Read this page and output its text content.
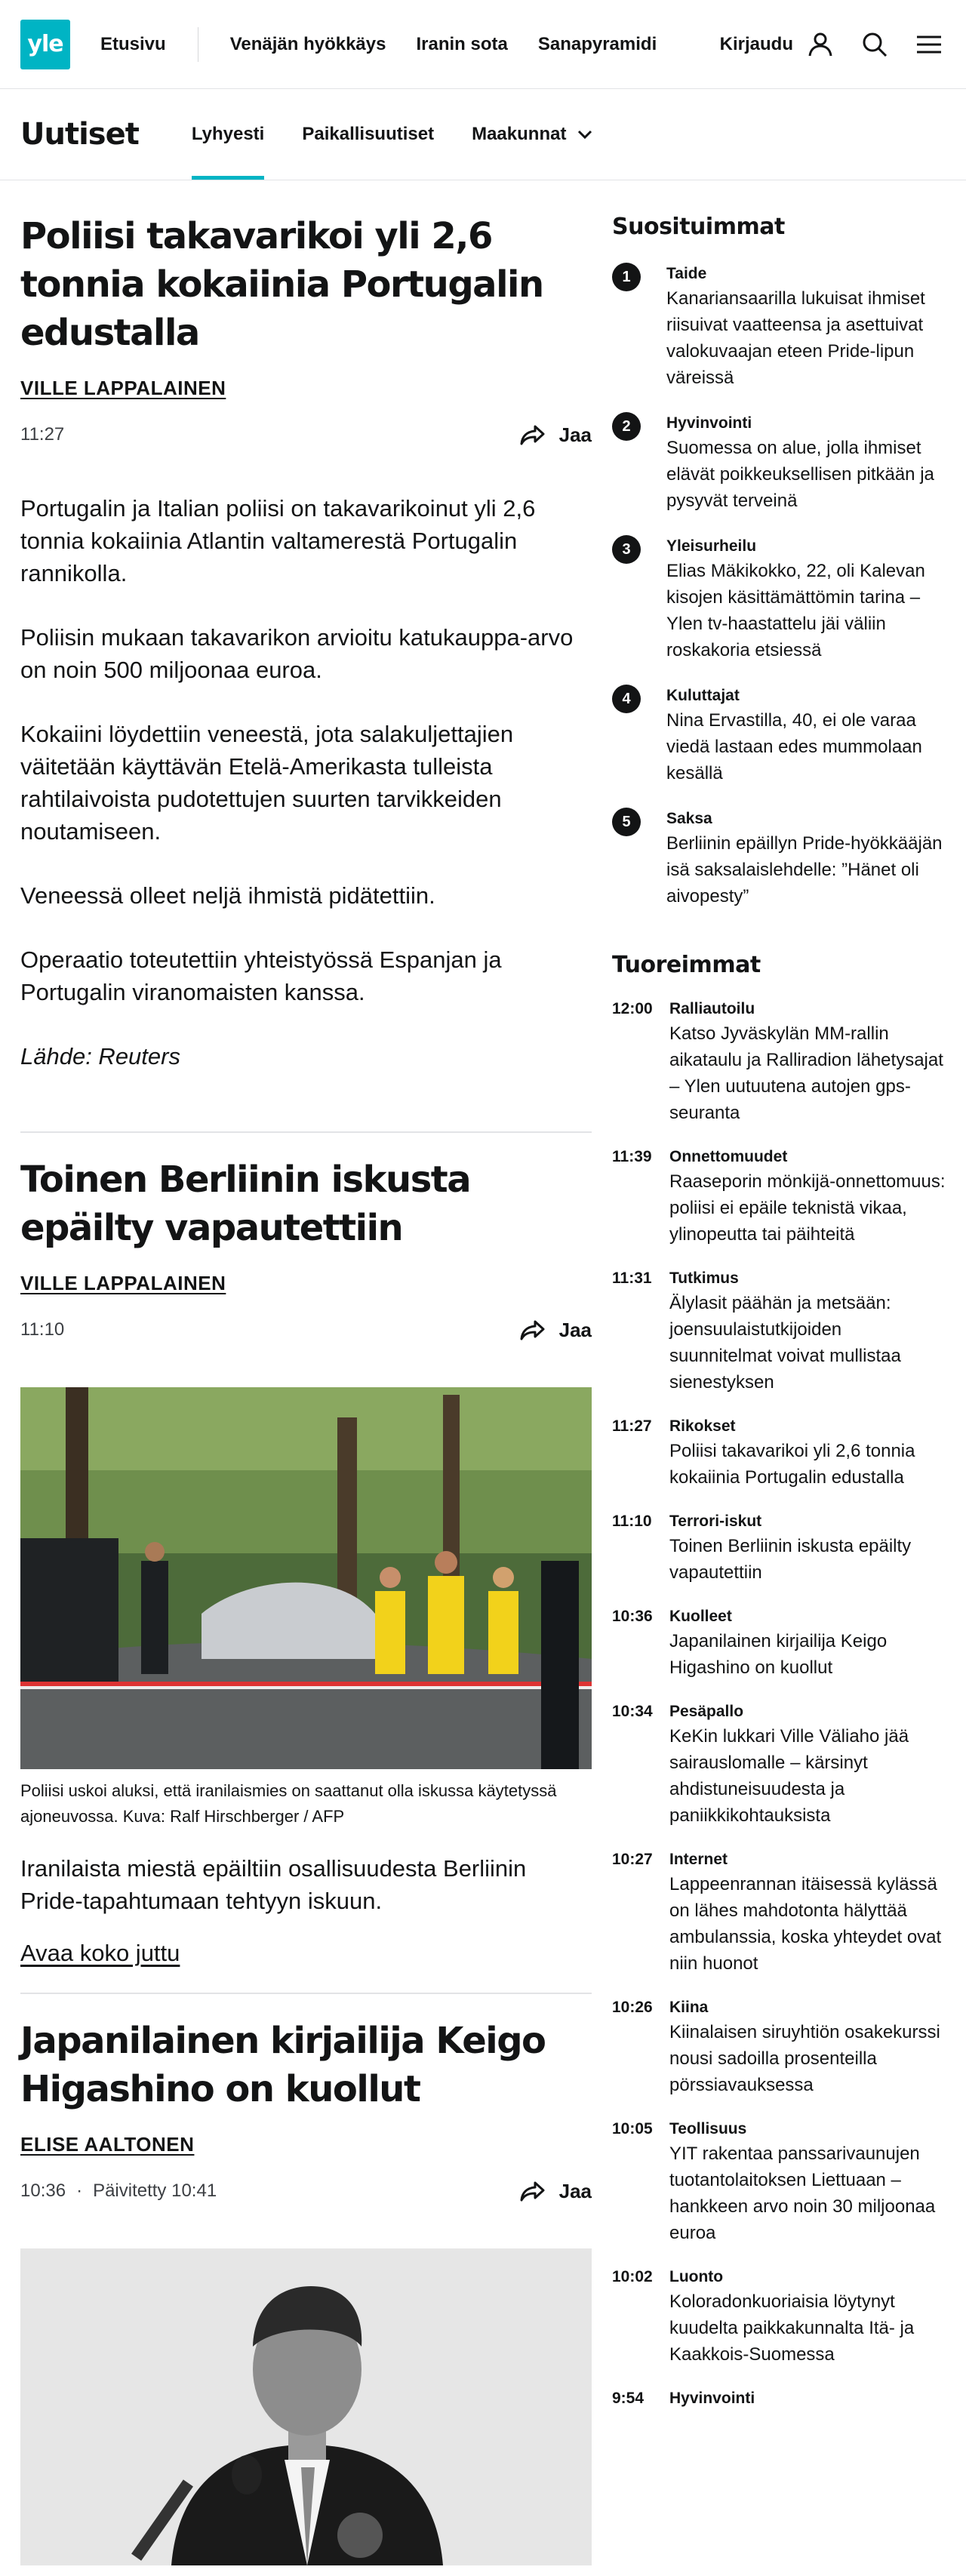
yle	Etusivu	Venäjän hyökkäys Iranin sota Sanapyramidi	Kirjaudu
Uutiset	Lyhyesti Paikallisuutiset Maakunnat
Poliisi takavarikoi yli 2,6 tonnia kokaiinia Portugalin edustalla
VILLE LAPPALAINEN
11:27	Jaa

Portugalin ja Italian poliisi on takavarikoinut yli 2,6 tonnia kokaiinia Atlantin valtamerestä Portugalin rannikolla.

Poliisin mukaan takavarikon arvioitu katukauppa-arvo on noin 500 miljoonaa euroa.

Kokaiini löydettiin veneestä, jota salakuljettajien väitetään käyttävän Etelä-Amerikasta tulleista rahtilaivoista pudotettujen suurten tarvikkeiden noutamiseen.

Veneessä olleet neljä ihmistä pidätettiin.

Operaatio toteutettiin yhteistyössä Espanjan ja Portugalin viranomaisten kanssa.

Lähde: Reuters

Toinen Berliinin iskusta epäilty vapautettiin
VILLE LAPPALAINEN
11:10	Jaa

Poliisi uskoi aluksi, että iranilaismies on saattanut olla iskussa käytetyssä ajoneuvossa. Kuva: Ralf Hirschberger / AFP

Iranilaista miestä epäiltiin osallisuudesta Berliinin Pride-tapahtumaan tehtyyn iskuun.

Avaa koko juttu
Japanilainen kirjailija Keigo Higashino on kuollut
ELISE AALTONEN
10:36 · Päivitetty 10:41	Jaa
Suosituimmat
1	Taide
Kanariansaarilla lukuisat ihmiset riisuivat vaatteensa ja asettuivat valokuvaajan eteen Pride-lipun väreissä
2	Hyvinvointi
Suomessa on alue, jolla ihmiset elävät poikkeuksellisen pitkään ja pysyvät terveinä
3	Yleisurheilu
Elias Mäkikokko, 22, oli Kalevan kisojen käsittämättömin tarina – Ylen tv-haastattelu jäi väliin roskakoria etsiessä
4	Kuluttajat
Nina Ervastilla, 40, ei ole varaa viedä lastaan edes mummolaan kesällä
5	Saksa
Berliinin epäillyn Pride-hyökkääjän isä saksalaislehdelle: ”Hänet oli aivopesty”
Tuoreimmat
12:00	Ralliautoilu
Katso Jyväskylän MM-rallin aikataulu ja Ralliradion lähetysajat – Ylen uutuutena autojen gps-seuranta
11:39	Onnettomuudet
Raaseporin mönkijä-onnettomuus: poliisi ei epäile teknistä vikaa, ylinopeutta tai päihteitä
11:31	Tutkimus
Älylasit päähän ja metsään: joensuulaistutkijoiden suunnitelmat voivat mullistaa sienestyksen
11:27	Rikokset
Poliisi takavarikoi yli 2,6 tonnia kokaiinia Portugalin edustalla
11:10	Terrori-iskut
Toinen Berliinin iskusta epäilty vapautettiin
10:36	Kuolleet
Japanilainen kirjailija Keigo Higashino on kuollut
10:34	Pesäpallo
KeKin lukkari Ville Väliaho jää sairauslomalle – kärsinyt ahdistuneisuudesta ja paniikkikohtauksista
10:27	Internet
Lappeenrannan itäisessä kylässä on lähes mahdotonta hälyttää ambulanssia, koska yhteydet ovat niin huonot
10:26	Kiina
Kiinalaisen siruyhtiön osakekurssi nousi sadoilla prosenteilla pörssiavauksessa
10:05	Teollisuus
YIT rakentaa panssarivaunujen tuotantolaitoksen Liettuaan – hankkeen arvo noin 30 miljoonaa euroa
10:02	Luonto
Koloradonkuoriaisia löytynyt kuudelta paikkakunnalta Itä- ja Kaakkois-Suomessa
9:54	Hyvinvointi
